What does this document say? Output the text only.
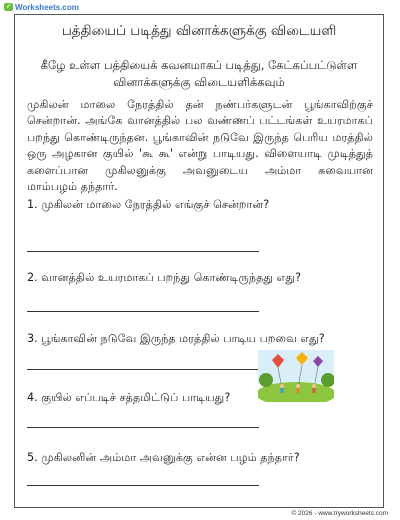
✓ Worksheets.com
பத்தியைப் படித்து வினாக்களுக்கு விடையளி
கீழே உள்ள பத்தியைக் கவனமாகப் படித்து, கேட்கப்பட்டுள்ள வினாக்களுக்கு விடையளிக்கவும்
முகிலன் மாலை நேரத்தில் தன் நண்பர்களுடன் பூங்காவிற்குச் சென்றான். அங்கே வானத்தில் பல வண்ணப் பட்டங்கள் உயரமாகப் பறந்து கொண்டிருந்தன. பூங்காவின் நடுவே இருந்த பெரிய மரத்தில் ஒரு அழகான குயில் 'கூ கூ' என்று பாடியது. விளையாடி முடித்துத் களைப்பான முகிலனுக்கு அவனுடைய அம்மா சுவையான மாம்பழம் தந்தார்.
1. முகிலன் மாலை நேரத்தில் எங்குச் சென்றான்?
2. வானத்தில் உயரமாகப் பறந்து கொண்டிருந்தது எது?
3. பூங்காவின் நடுவே இருந்த மரத்தில் பாடிய பறவை எது?
4. குயில் எப்படிச் சத்தமிட்டுப் பாடியது?
5. முகிலனின் அம்மா அவனுக்கு என்ன பழம் தந்தார்?
© 2026 - www.tryworksheets.com
